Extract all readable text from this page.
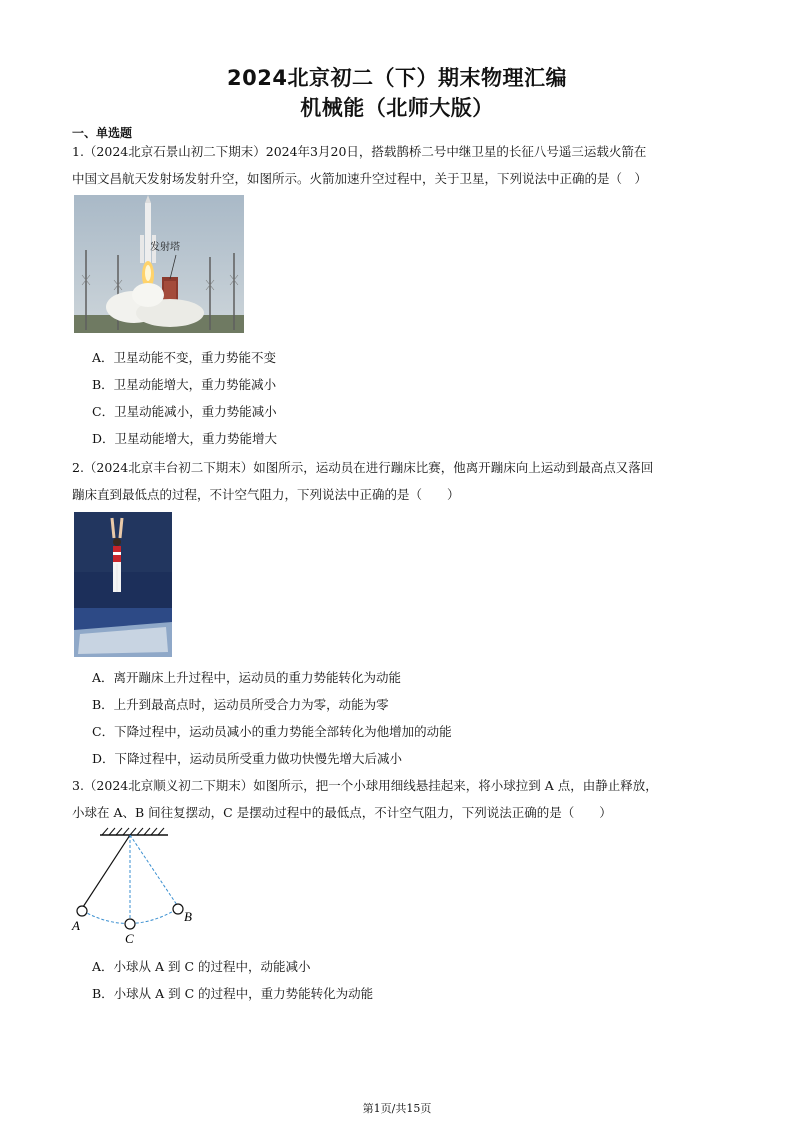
2024北京初二（下）期末物理汇编
机械能（北师大版）
一、单选题
1.（2024北京石景山初二下期末）2024年3月20日，搭载鹊桥二号中继卫星的长征八号遥三运载火箭在
中国文昌航天发射场发射升空，如图所示。火箭加速升空过程中，关于卫星，下列说法中正确的是（　）
发射塔
A．卫星动能不变，重力势能不变
B．卫星动能增大，重力势能减小
C．卫星动能减小，重力势能减小
D．卫星动能增大，重力势能增大
2.（2024北京丰台初二下期末）如图所示，运动员在进行蹦床比赛，他离开蹦床向上运动到最高点又落回
蹦床直到最低点的过程，不计空气阻力，下列说法中正确的是（　　）
A．离开蹦床上升过程中，运动员的重力势能转化为动能
B．上升到最高点时，运动员所受合力为零，动能为零
C．下降过程中，运动员减小的重力势能全部转化为他增加的动能
D．下降过程中，运动员所受重力做功快慢先增大后减小
3.（2024北京顺义初二下期末）如图所示，把一个小球用细线悬挂起来，将小球拉到 A 点，由静止释放，
小球在 A、B 间往复摆动，C 是摆动过程中的最低点，不计空气阻力，下列说法正确的是（　　）
A
B
C
A．小球从 A 到 C 的过程中，动能减小
B．小球从 A 到 C 的过程中，重力势能转化为动能
第1页/共15页
